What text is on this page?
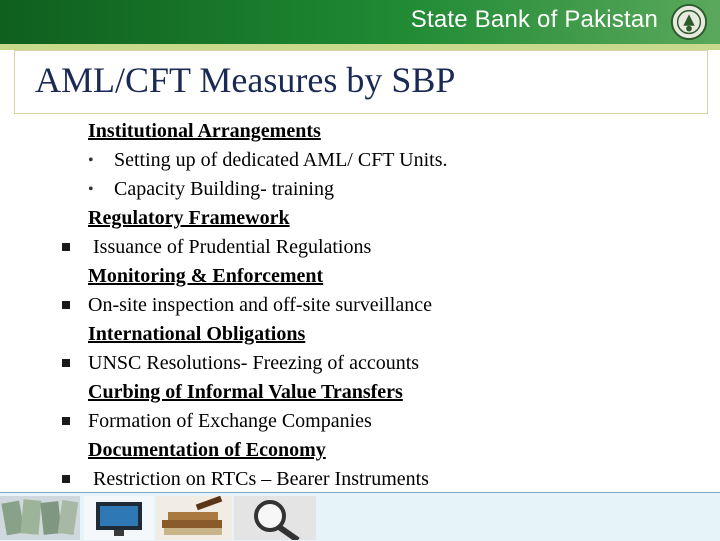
State Bank of Pakistan
AML/CFT Measures by SBP
Institutional Arrangements
• Setting up of dedicated AML/ CFT Units.
• Capacity Building- training
Regulatory Framework
Issuance of Prudential Regulations
Monitoring & Enforcement
On-site inspection and off-site surveillance
International Obligations
UNSC Resolutions- Freezing of accounts
Curbing of Informal Value Transfers
Formation of Exchange Companies
Documentation of Economy
Restriction on RTCs – Bearer Instruments
